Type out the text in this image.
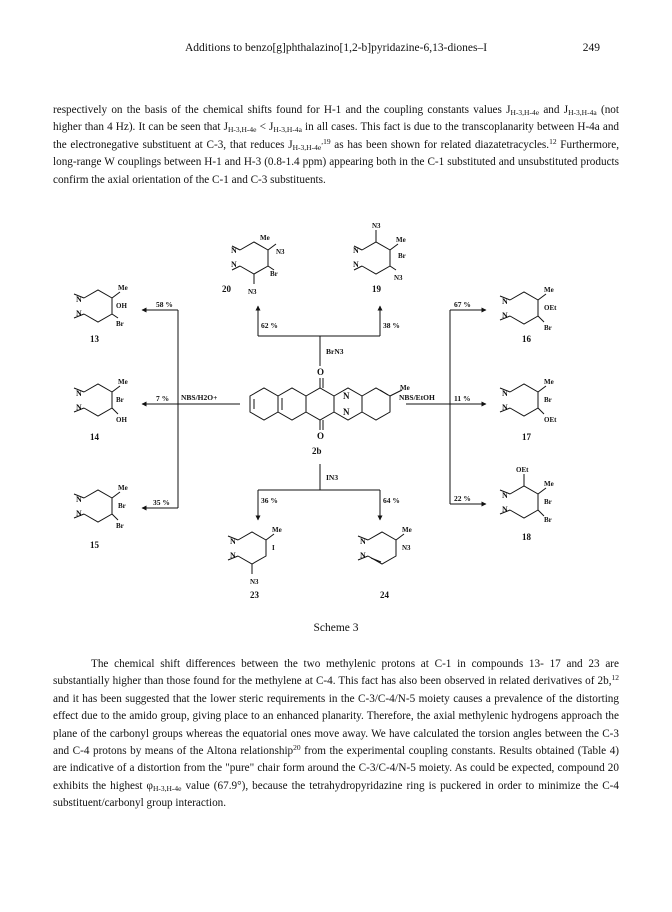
Additions to benzo[g]phthalazino[1,2-b]pyridazine-6,13-diones–I	249
respectively on the basis of the chemical shifts found for H-1 and the coupling constants values $J_{H-3,H-4e}$ and $J_{H-3,H-4a}$ (not higher than 4 Hz). It can be seen that $J_{H-3,H-4e} < J_{H-3,H-4a}$ in all cases. This fact is due to the transcoplanarity between H-4a and the electronegative substituent at C-3, that reduces $J_{H-3,H-4e}^{,19}$ as has been shown for related diazatetracycles.$^{12}$ Furthermore, long-range W couplings between H-1 and H-3 (0.8-1.4 ppm) appearing both in the C-1 substituted and unsubstituted products confirm the axial orientation of the C-1 and C-3 substituents.
O
O
N
N
Me
2b
BrN3
IN3
NBS/H2O+	NBS/EtOH
62 %	38 %
58 %
7 %
35 %
67 %
11 %
22 %
36 %	64 %
Me
N
N
N3
Br
N3
20
N3
Me
N
N
Br
N3
19
Me
N
N
OH
Br
13
Me
N
N
Br
OH
14
Me
N
N
Br
Br
15
Me
N
N
OEt
Br
16
Me
N
N
Br
OEt
17
OEt
Me
N
N
Br
Br
18
Me
N
N
I
N3
23
Me
N
N
N3
24
Scheme 3
The chemical shift differences between the two methylenic protons at C-1 in compounds 13- 17 and 23 are substantially higher than those found for the methylene at C-4. This fact has also been observed in related derivatives of 2b,$^{12}$ and it has been suggested that the lower steric requirements in the C-3/C-4/N-5 moiety causes a prevalence of the distorting effect due to the amido group, giving place to an enhanced planarity. Therefore, the axial methylenic hydrogens approach the plane of the carbonyl groups whereas the equatorial ones move away. We have calculated the torsion angles between the C-3 and C-4 protons by means of the Altona relationship$^{20}$ from the experimental coupling constants. Results obtained (Table 4) are indicative of a distortion from the "pure" chair form around the C-3/C-4/N-5 moiety. As could be expected, compound 20 exhibits the highest $\varphi_{H-3,H-4e}$ value (67.9°), because the tetrahydropyridazine ring is puckered in order to minimize the C-4 substituent/carbonyl group interaction.
